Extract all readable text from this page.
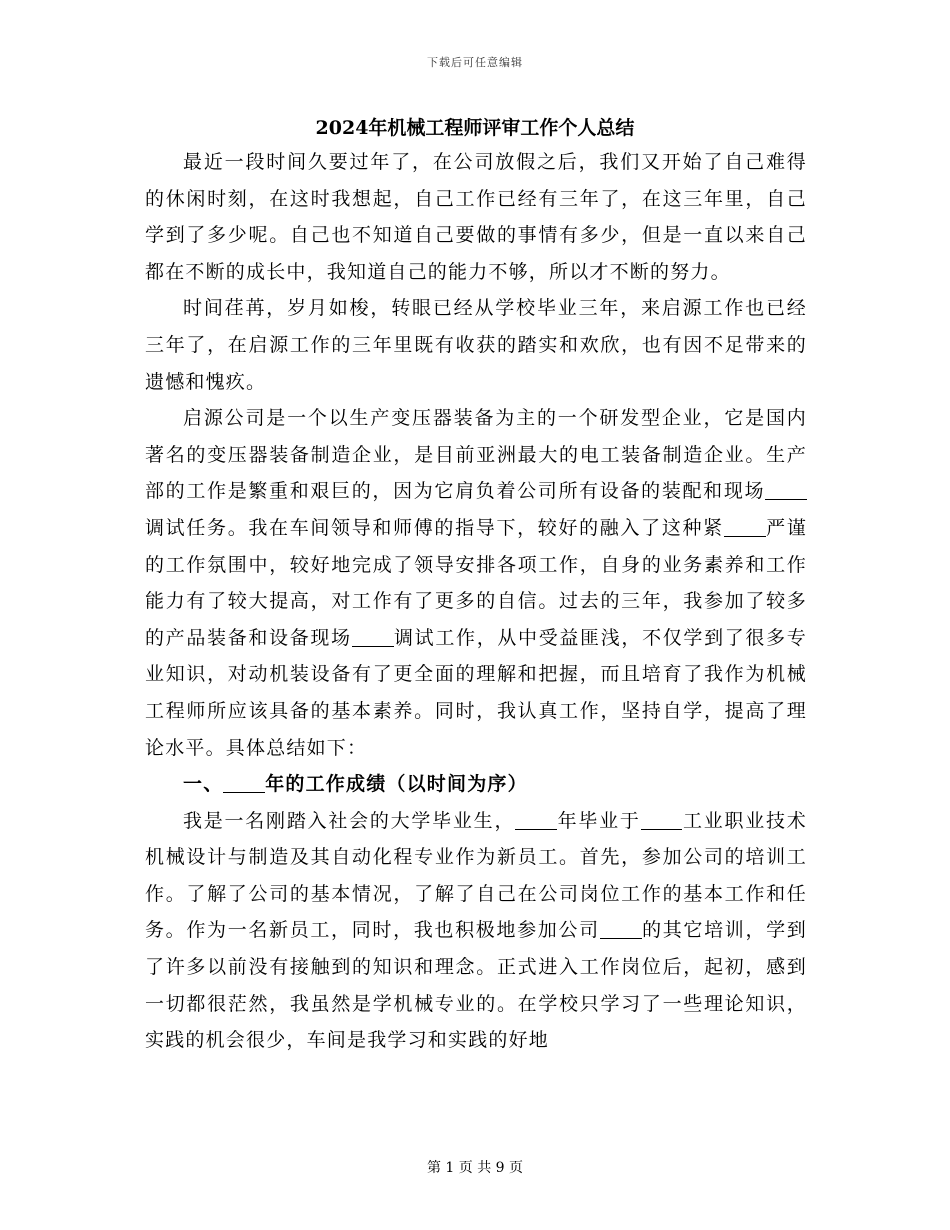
下载后可任意编辑
2024年机械工程师评审工作个人总结

最近一段时间久要过年了，在公司放假之后，我们又开始了自己难得的休闲时刻，在这时我想起，自己工作已经有三年了，在这三年里，自己学到了多少呢。自己也不知道自己要做的事情有多少，但是一直以来自己都在不断的成长中，我知道自己的能力不够，所以才不断的努力。

时间荏苒，岁月如梭，转眼已经从学校毕业三年，来启源工作也已经三年了，在启源工作的三年里既有收获的踏实和欢欣，也有因不足带来的遗憾和愧疚。

启源公司是一个以生产变压器装备为主的一个研发型企业，它是国内著名的变压器装备制造企业，是目前亚洲最大的电工装备制造企业。生产部的工作是繁重和艰巨的，因为它肩负着公司所有设备的装配和现场调试任务。我在车间领导和师傅的指导下，较好的融入了这种紧 严谨的工作氛围中，较好地完成了领导安排各项工作，自身的业务素养和工作能力有了较大提高，对工作有了更多的自信。过去的三年，我参加了较多的产品装备和设备现场 调试工作，从中受益匪浅，不仅学到了很多专业知识，对动机装设备有了更全面的理解和把握，而且培育了我作为机械工程师所应该具备的基本素养。同时，我认真工作，坚持自学，提高了理论水平。具体总结如下：

一、 年的工作成绩（以时间为序）

我是一名刚踏入社会的大学毕业生， 年毕业于 工业职业技术机械设计与制造及其自动化程专业作为新员工。首先，参加公司的培训工作。了解了公司的基本情况，了解了自己在公司岗位工作的基本工作和任务。作为一名新员工，同时，我也积极地参加公司 的其它培训，学到了许多以前没有接触到的知识和理念。正式进入工作岗位后，起初，感到一切都很茫然，我虽然是学机械专业的。在学校只学习了一些理论知识，实践的机会很少，车间是我学习和实践的好地

第 1 页 共 9 页
